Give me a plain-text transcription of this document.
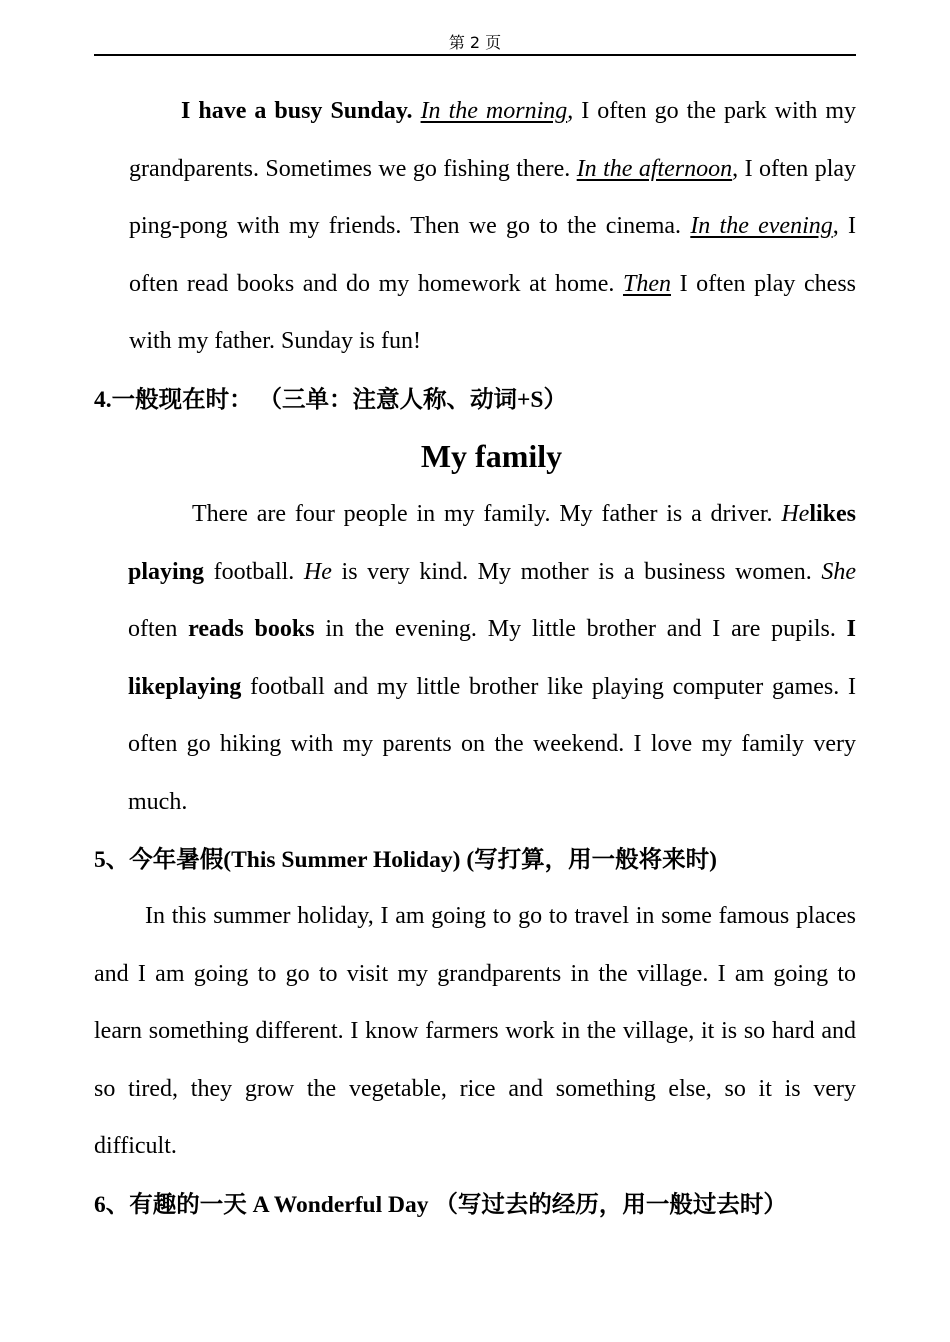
第 2 页

I have a busy Sunday. In the morning, I often go the park with my grandparents. Sometimes we go fishing there. In the afternoon, I often play ping-pong with my friends. Then we go to the cinema. In the evening, I often read books and do my homework at home. Then I often play chess with my father. Sunday is fun!

4.一般现在时： （三单：注意人称、动词+S）
My family

There are four people in my family. My father is a driver. Helikes playing football. He is very kind. My mother is a business women. She often reads books in the evening. My little brother and I are pupils. I likeplaying football and my little brother like playing computer games. I often go hiking with my parents on the weekend. I love my family very much.

5、今年暑假(This Summer Holiday) (写打算，用一般将来时)

In this summer holiday, I am going to go to travel in some famous places and I am going to go to visit my grandparents in the village. I am going to learn something different. I know farmers work in the village, it is so hard and so tired, they grow the vegetable, rice and something else, so it is very difficult.

6、有趣的一天 A Wonderful Day （写过去的经历，用一般过去时）
